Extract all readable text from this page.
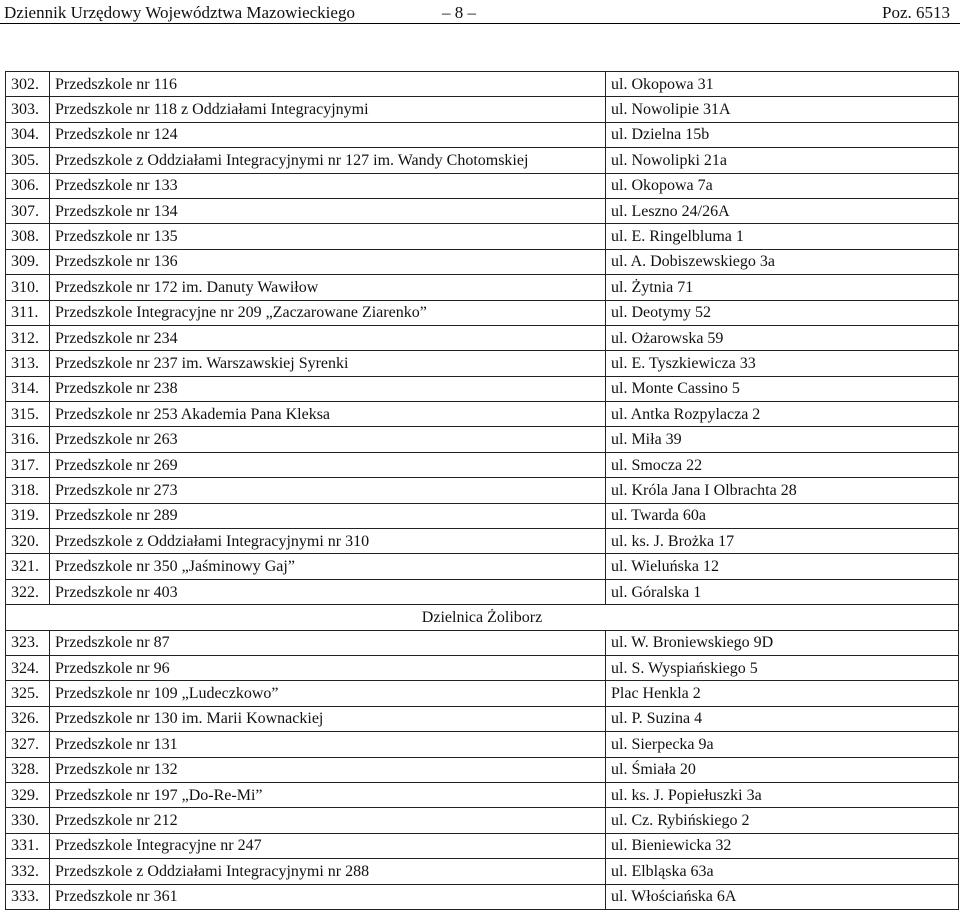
Dziennik Urzędowy Województwa Mazowieckiego	– 8 –	Poz. 6513
302.	Przedszkole nr 116	ul. Okopowa 31
303.	Przedszkole nr 118 z Oddziałami Integracyjnymi	ul. Nowolipie 31A
304.	Przedszkole nr 124	ul. Dzielna 15b
305.	Przedszkole z Oddziałami Integracyjnymi nr 127 im. Wandy Chotomskiej	ul. Nowolipki 21a
306.	Przedszkole nr 133	ul. Okopowa 7a
307.	Przedszkole nr 134	ul. Leszno 24/26A
308.	Przedszkole nr 135	ul. E. Ringelbluma 1
309.	Przedszkole nr 136	ul. A. Dobiszewskiego 3a
310.	Przedszkole nr 172 im. Danuty Wawiłow	ul. Żytnia 71
311.	Przedszkole Integracyjne nr 209 „Zaczarowane Ziarenko”	ul. Deotymy 52
312.	Przedszkole nr 234	ul. Ożarowska 59
313.	Przedszkole nr 237 im. Warszawskiej Syrenki	ul. E. Tyszkiewicza 33
314.	Przedszkole nr 238	ul. Monte Cassino 5
315.	Przedszkole nr 253 Akademia Pana Kleksa	ul. Antka Rozpylacza 2
316.	Przedszkole nr 263	ul. Miła 39
317.	Przedszkole nr 269	ul. Smocza 22
318.	Przedszkole nr 273	ul. Króla Jana I Olbrachta 28
319.	Przedszkole nr 289	ul. Twarda 60a
320.	Przedszkole z Oddziałami Integracyjnymi nr 310	ul. ks. J. Brożka 17
321.	Przedszkole nr 350 „Jaśminowy Gaj”	ul. Wieluńska 12
322.	Przedszkole nr 403	ul. Góralska 1
Dzielnica Żoliborz		
323.	Przedszkole nr 87	ul. W. Broniewskiego 9D
324.	Przedszkole nr 96	ul. S. Wyspiańskiego 5
325.	Przedszkole nr 109 „Ludeczkowo”	Plac Henkla 2
326.	Przedszkole nr 130 im. Marii Kownackiej	ul. P. Suzina 4
327.	Przedszkole nr 131	ul. Sierpecka 9a
328.	Przedszkole nr 132	ul. Śmiała 20
329.	Przedszkole nr 197 „Do-Re-Mi”	ul. ks. J. Popiełuszki 3a
330.	Przedszkole nr 212	ul. Cz. Rybińskiego 2
331.	Przedszkole Integracyjne nr 247	ul. Bieniewicka 32
332.	Przedszkole z Oddziałami Integracyjnymi nr 288	ul. Elbląska 63a
333.	Przedszkole nr 361	ul. Włościańska 6A
